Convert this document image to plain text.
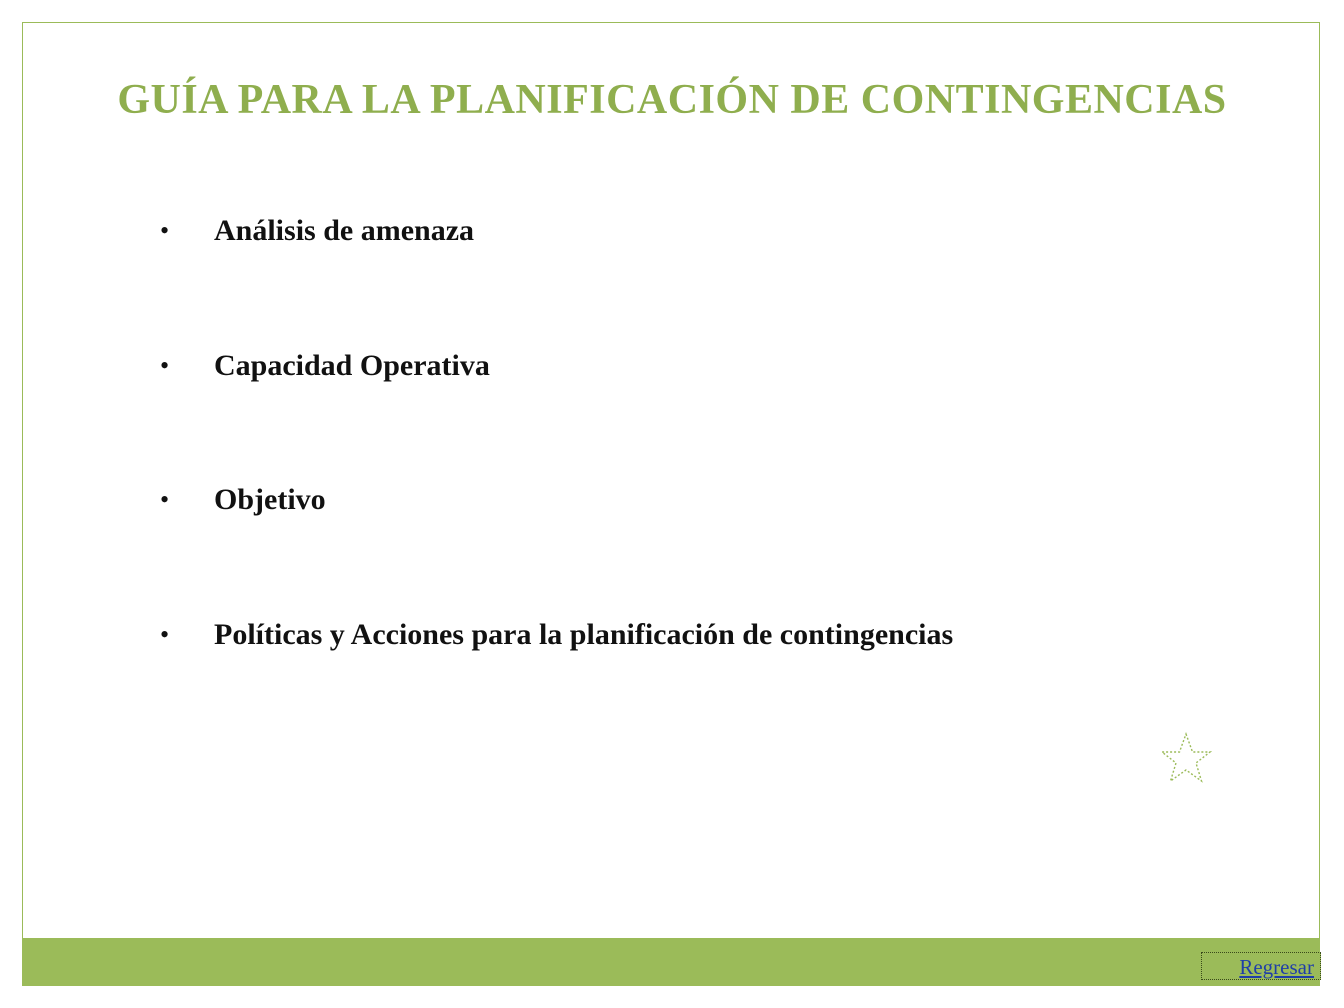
GUÍA PARA LA PLANIFICACIÓN DE CONTINGENCIAS
• Análisis de amenaza
• Capacidad Operativa
• Objetivo
• Políticas y Acciones para la planificación de contingencias
Regresar
